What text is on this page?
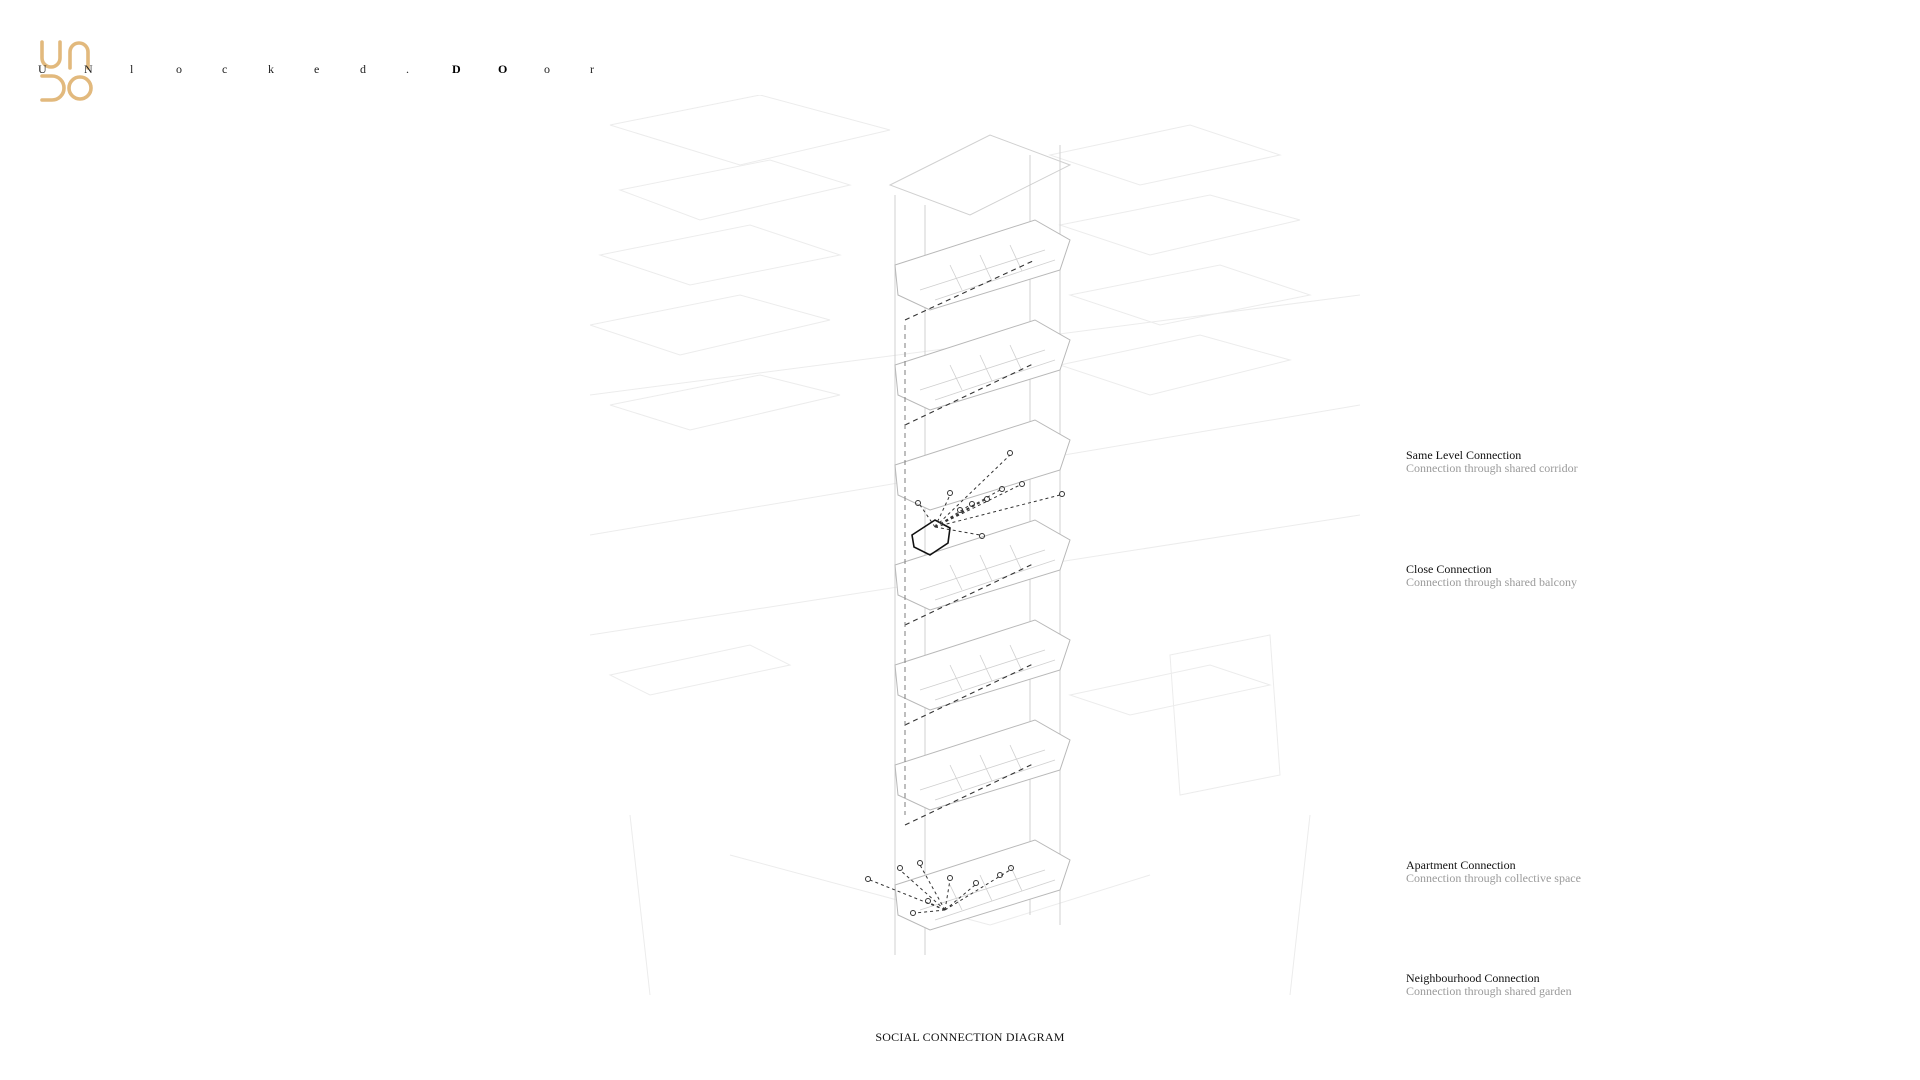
U	N	l	o	c	k	e	d	.	D	O	o	r
Same Level Connection
Connection through shared corridor
Close Connection
Connection through shared balcony
Apartment Connection
Connection through collective space
Neighbourhood Connection
Connection through shared garden
SOCIAL CONNECTION DIAGRAM
